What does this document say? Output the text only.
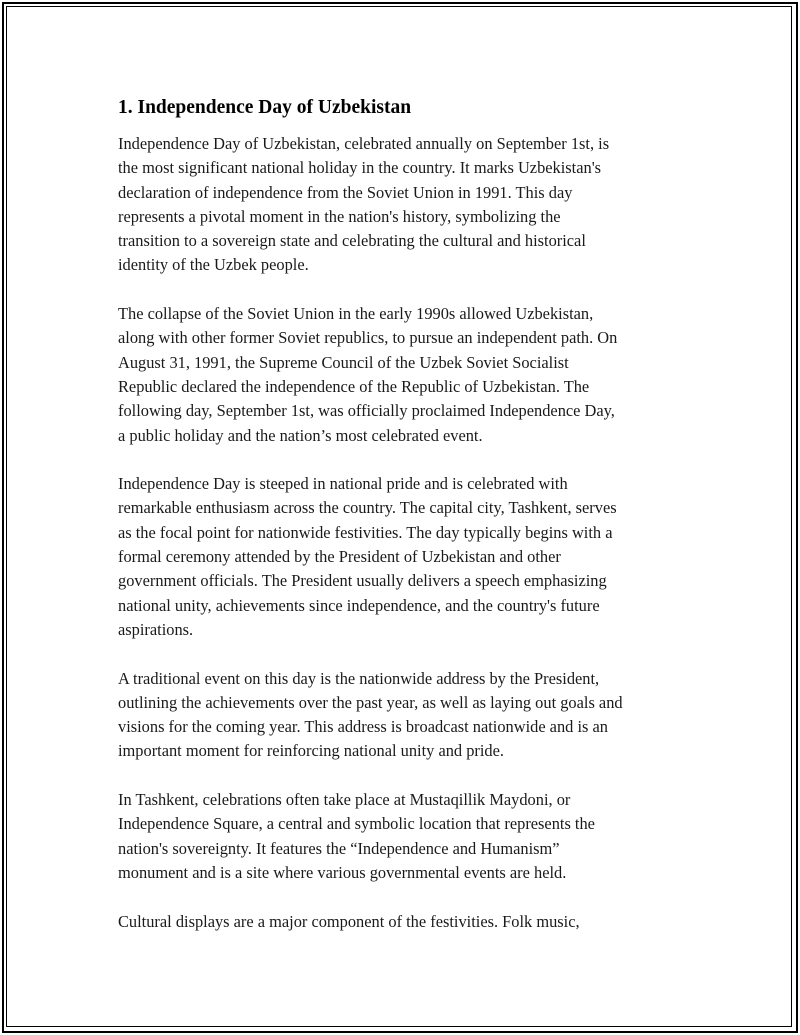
1. Independence Day of Uzbekistan
Independence Day of Uzbekistan, celebrated annually on September 1st, is
the most significant national holiday in the country. It marks Uzbekistan's
declaration of independence from the Soviet Union in 1991. This day
represents a pivotal moment in the nation's history, symbolizing the
transition to a sovereign state and celebrating the cultural and historical
identity of the Uzbek people.
The collapse of the Soviet Union in the early 1990s allowed Uzbekistan,
along with other former Soviet republics, to pursue an independent path. On
August 31, 1991, the Supreme Council of the Uzbek Soviet Socialist
Republic declared the independence of the Republic of Uzbekistan. The
following day, September 1st, was officially proclaimed Independence Day,
a public holiday and the nation’s most celebrated event.
Independence Day is steeped in national pride and is celebrated with
remarkable enthusiasm across the country. The capital city, Tashkent, serves
as the focal point for nationwide festivities. The day typically begins with a
formal ceremony attended by the President of Uzbekistan and other
government officials. The President usually delivers a speech emphasizing
national unity, achievements since independence, and the country's future
aspirations.
A traditional event on this day is the nationwide address by the President,
outlining the achievements over the past year, as well as laying out goals and
visions for the coming year. This address is broadcast nationwide and is an
important moment for reinforcing national unity and pride.
In Tashkent, celebrations often take place at Mustaqillik Maydoni, or
Independence Square, a central and symbolic location that represents the
nation's sovereignty. It features the “Independence and Humanism”
monument and is a site where various governmental events are held.
Cultural displays are a major component of the festivities. Folk music,
